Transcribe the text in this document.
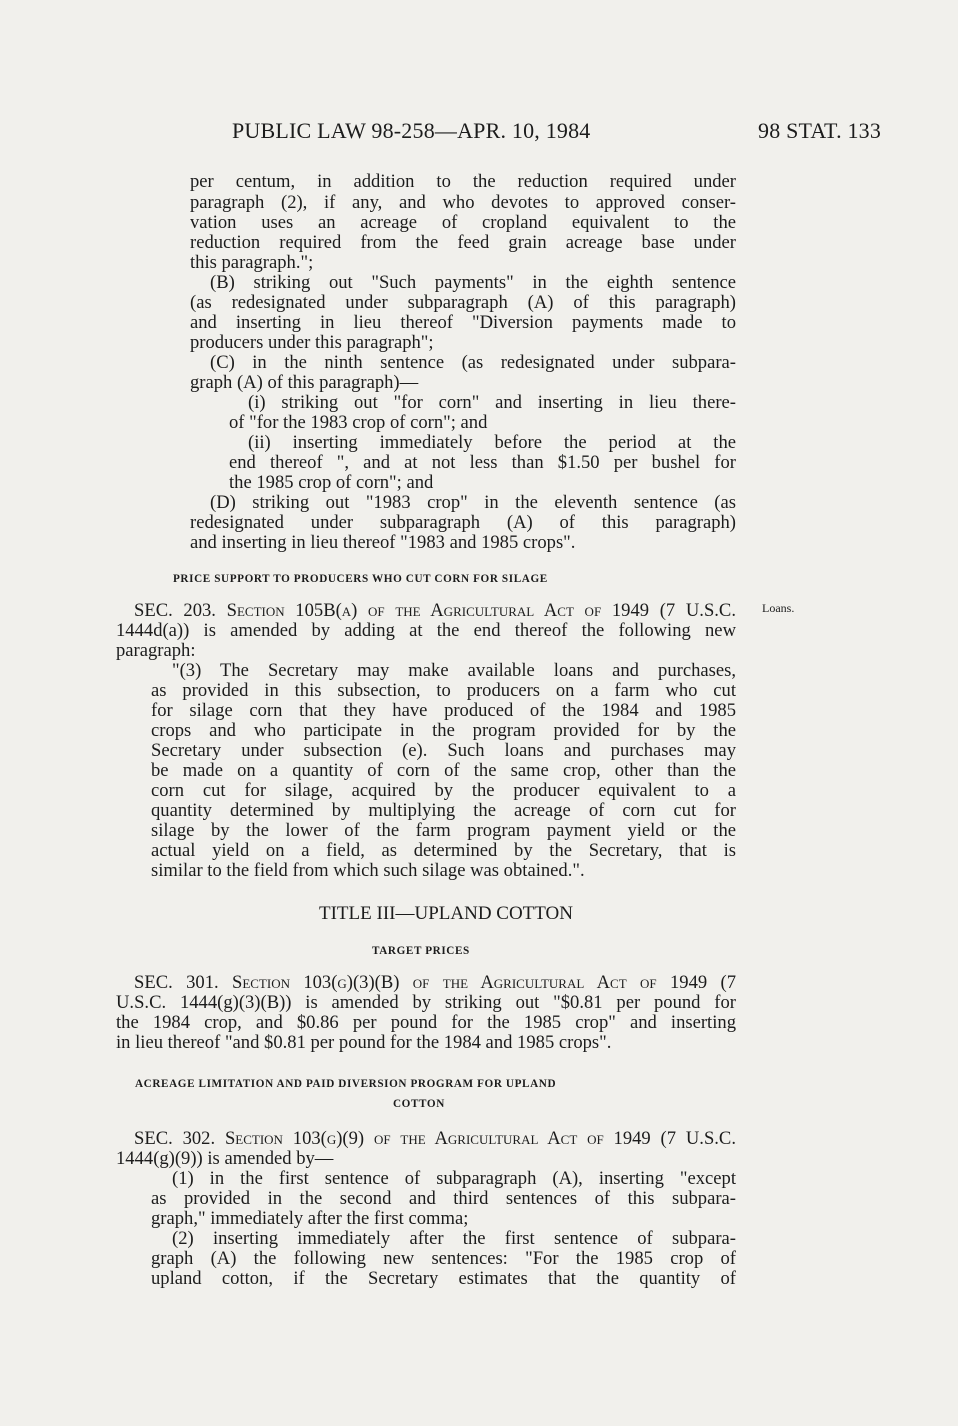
PUBLIC LAW 98-258—APR. 10, 1984	98 STAT. 133
per centum, in addition to the reduction required under
paragraph (2), if any, and who devotes to approved conser-
vation uses an acreage of cropland equivalent to the
reduction required from the feed grain acreage base under
this paragraph.";
(B) striking out "Such payments" in the eighth sentence
(as redesignated under subparagraph (A) of this paragraph)
and inserting in lieu thereof "Diversion payments made to
producers under this paragraph";
(C) in the ninth sentence (as redesignated under subpara-
graph (A) of this paragraph)—
(i) striking out "for corn" and inserting in lieu there-
of "for the 1983 crop of corn"; and
(ii) inserting immediately before the period at the
end thereof ", and at not less than $1.50 per bushel for
the 1985 crop of corn"; and
(D) striking out "1983 crop" in the eleventh sentence (as
redesignated under subparagraph (A) of this paragraph)
and inserting in lieu thereof "1983 and 1985 crops".
PRICE SUPPORT TO PRODUCERS WHO CUT CORN FOR SILAGE
SEC. 203. Section 105B(a) of the Agricultural Act of 1949 (7 U.S.C. Loans.
1444d(a)) is amended by adding at the end thereof the following new
paragraph:
"(3) The Secretary may make available loans and purchases,
as provided in this subsection, to producers on a farm who cut
for silage corn that they have produced of the 1984 and 1985
crops and who participate in the program provided for by the
Secretary under subsection (e). Such loans and purchases may
be made on a quantity of corn of the same crop, other than the
corn cut for silage, acquired by the producer equivalent to a
quantity determined by multiplying the acreage of corn cut for
silage by the lower of the farm program payment yield or the
actual yield on a field, as determined by the Secretary, that is
similar to the field from which such silage was obtained.".
TITLE III—UPLAND COTTON
TARGET PRICES
SEC. 301. Section 103(g)(3)(B) of the Agricultural Act of 1949 (7
U.S.C. 1444(g)(3)(B)) is amended by striking out "$0.81 per pound for
the 1984 crop, and $0.86 per pound for the 1985 crop" and inserting
in lieu thereof "and $0.81 per pound for the 1984 and 1985 crops".
ACREAGE LIMITATION AND PAID DIVERSION PROGRAM FOR UPLAND
COTTON
SEC. 302. Section 103(g)(9) of the Agricultural Act of 1949 (7 U.S.C.
1444(g)(9)) is amended by—
(1) in the first sentence of subparagraph (A), inserting "except
as provided in the second and third sentences of this subpara-
graph," immediately after the first comma;
(2) inserting immediately after the first sentence of subpara-
graph (A) the following new sentences: "For the 1985 crop of
upland cotton, if the Secretary estimates that the quantity of
